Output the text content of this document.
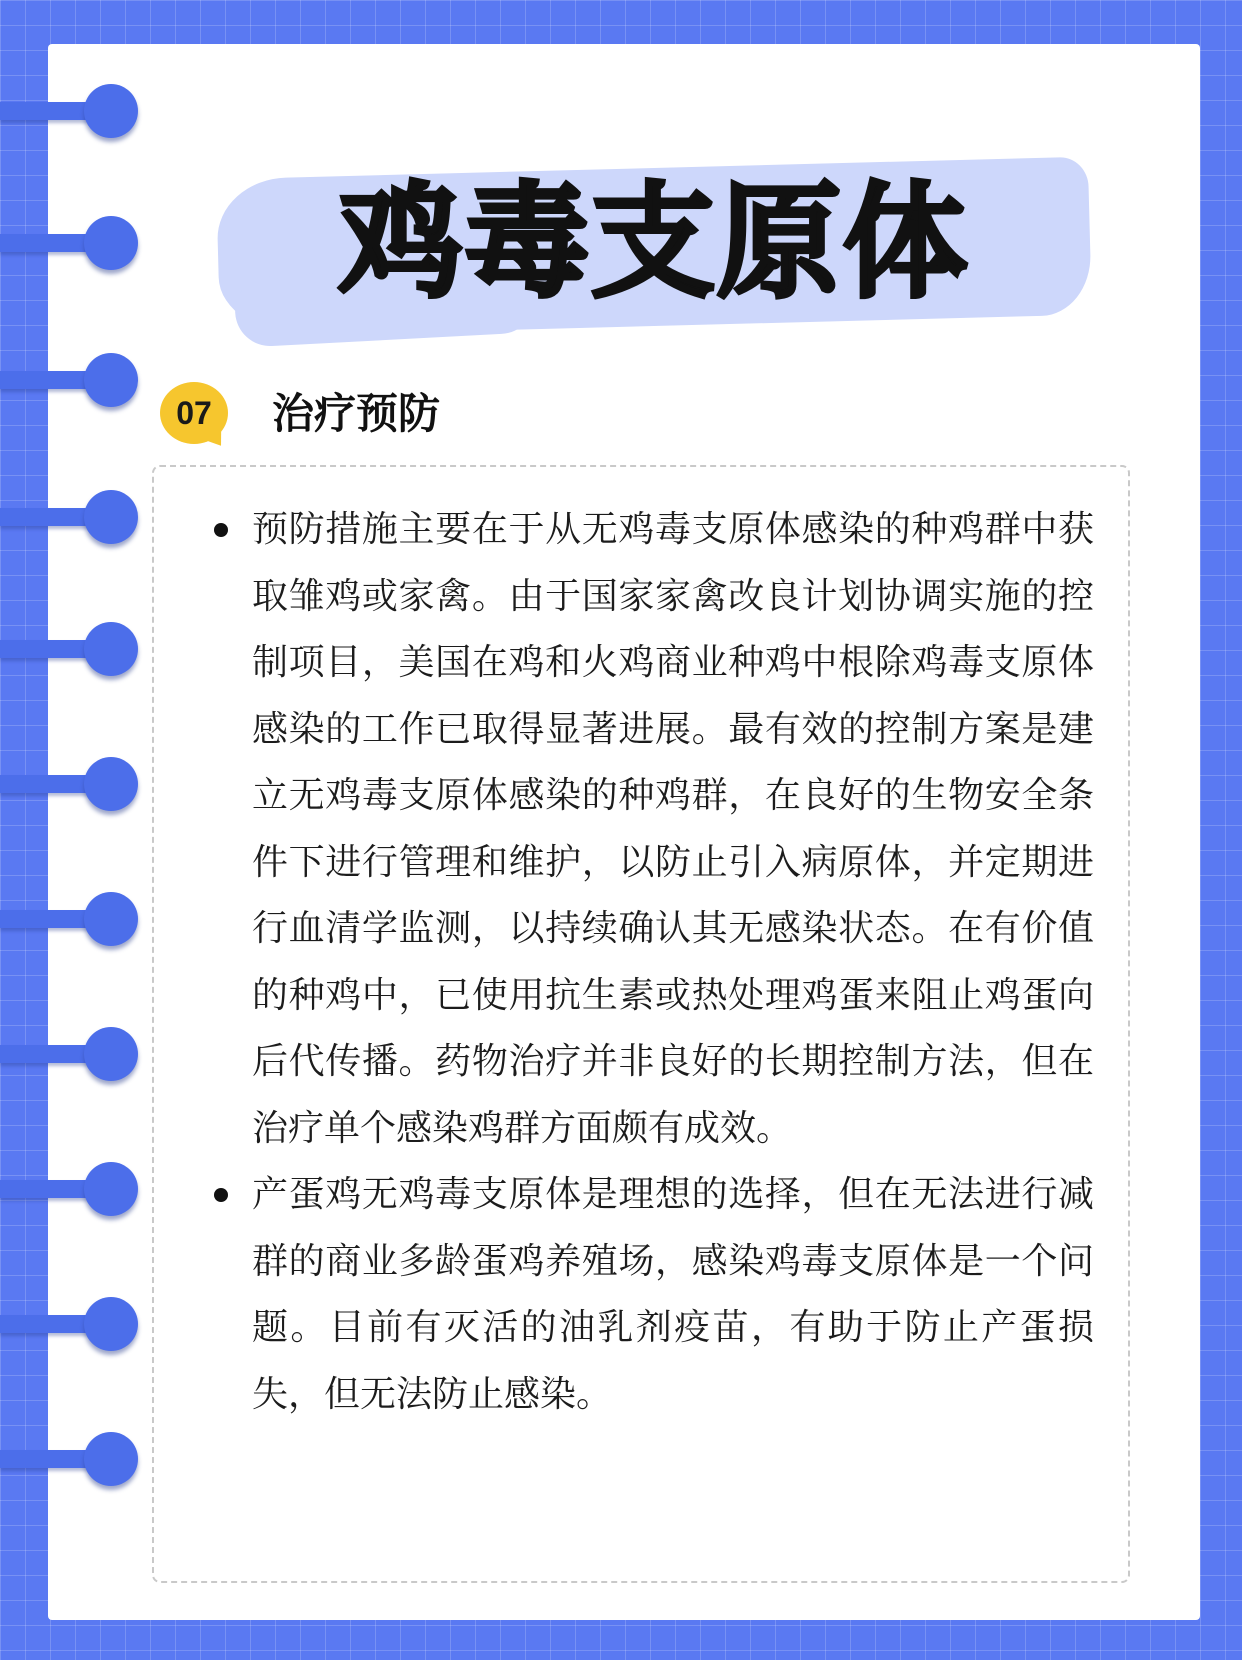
鸡毒支原体
07	治疗预防
预防措施主要在于从无鸡毒支原体感染的种鸡群中获取雏鸡或家禽。由于国家家禽改良计划协调实施的控制项目，美国在鸡和火鸡商业种鸡中根除鸡毒支原体感染的工作已取得显著进展。最有效的控制方案是建立无鸡毒支原体感染的种鸡群，在良好的生物安全条件下进行管理和维护，以防止引入病原体，并定期进行血清学监测，以持续确认其无感染状态。在有价值的种鸡中，已使用抗生素或热处理鸡蛋来阻止鸡蛋向后代传播。药物治疗并非良好的长期控制方法，但在治疗单个感染鸡群方面颇有成效。
产蛋鸡无鸡毒支原体是理想的选择，但在无法进行减群的商业多龄蛋鸡养殖场，感染鸡毒支原体是一个问题。目前有灭活的油乳剂疫苗，有助于防止产蛋损失，但无法防止感染。
